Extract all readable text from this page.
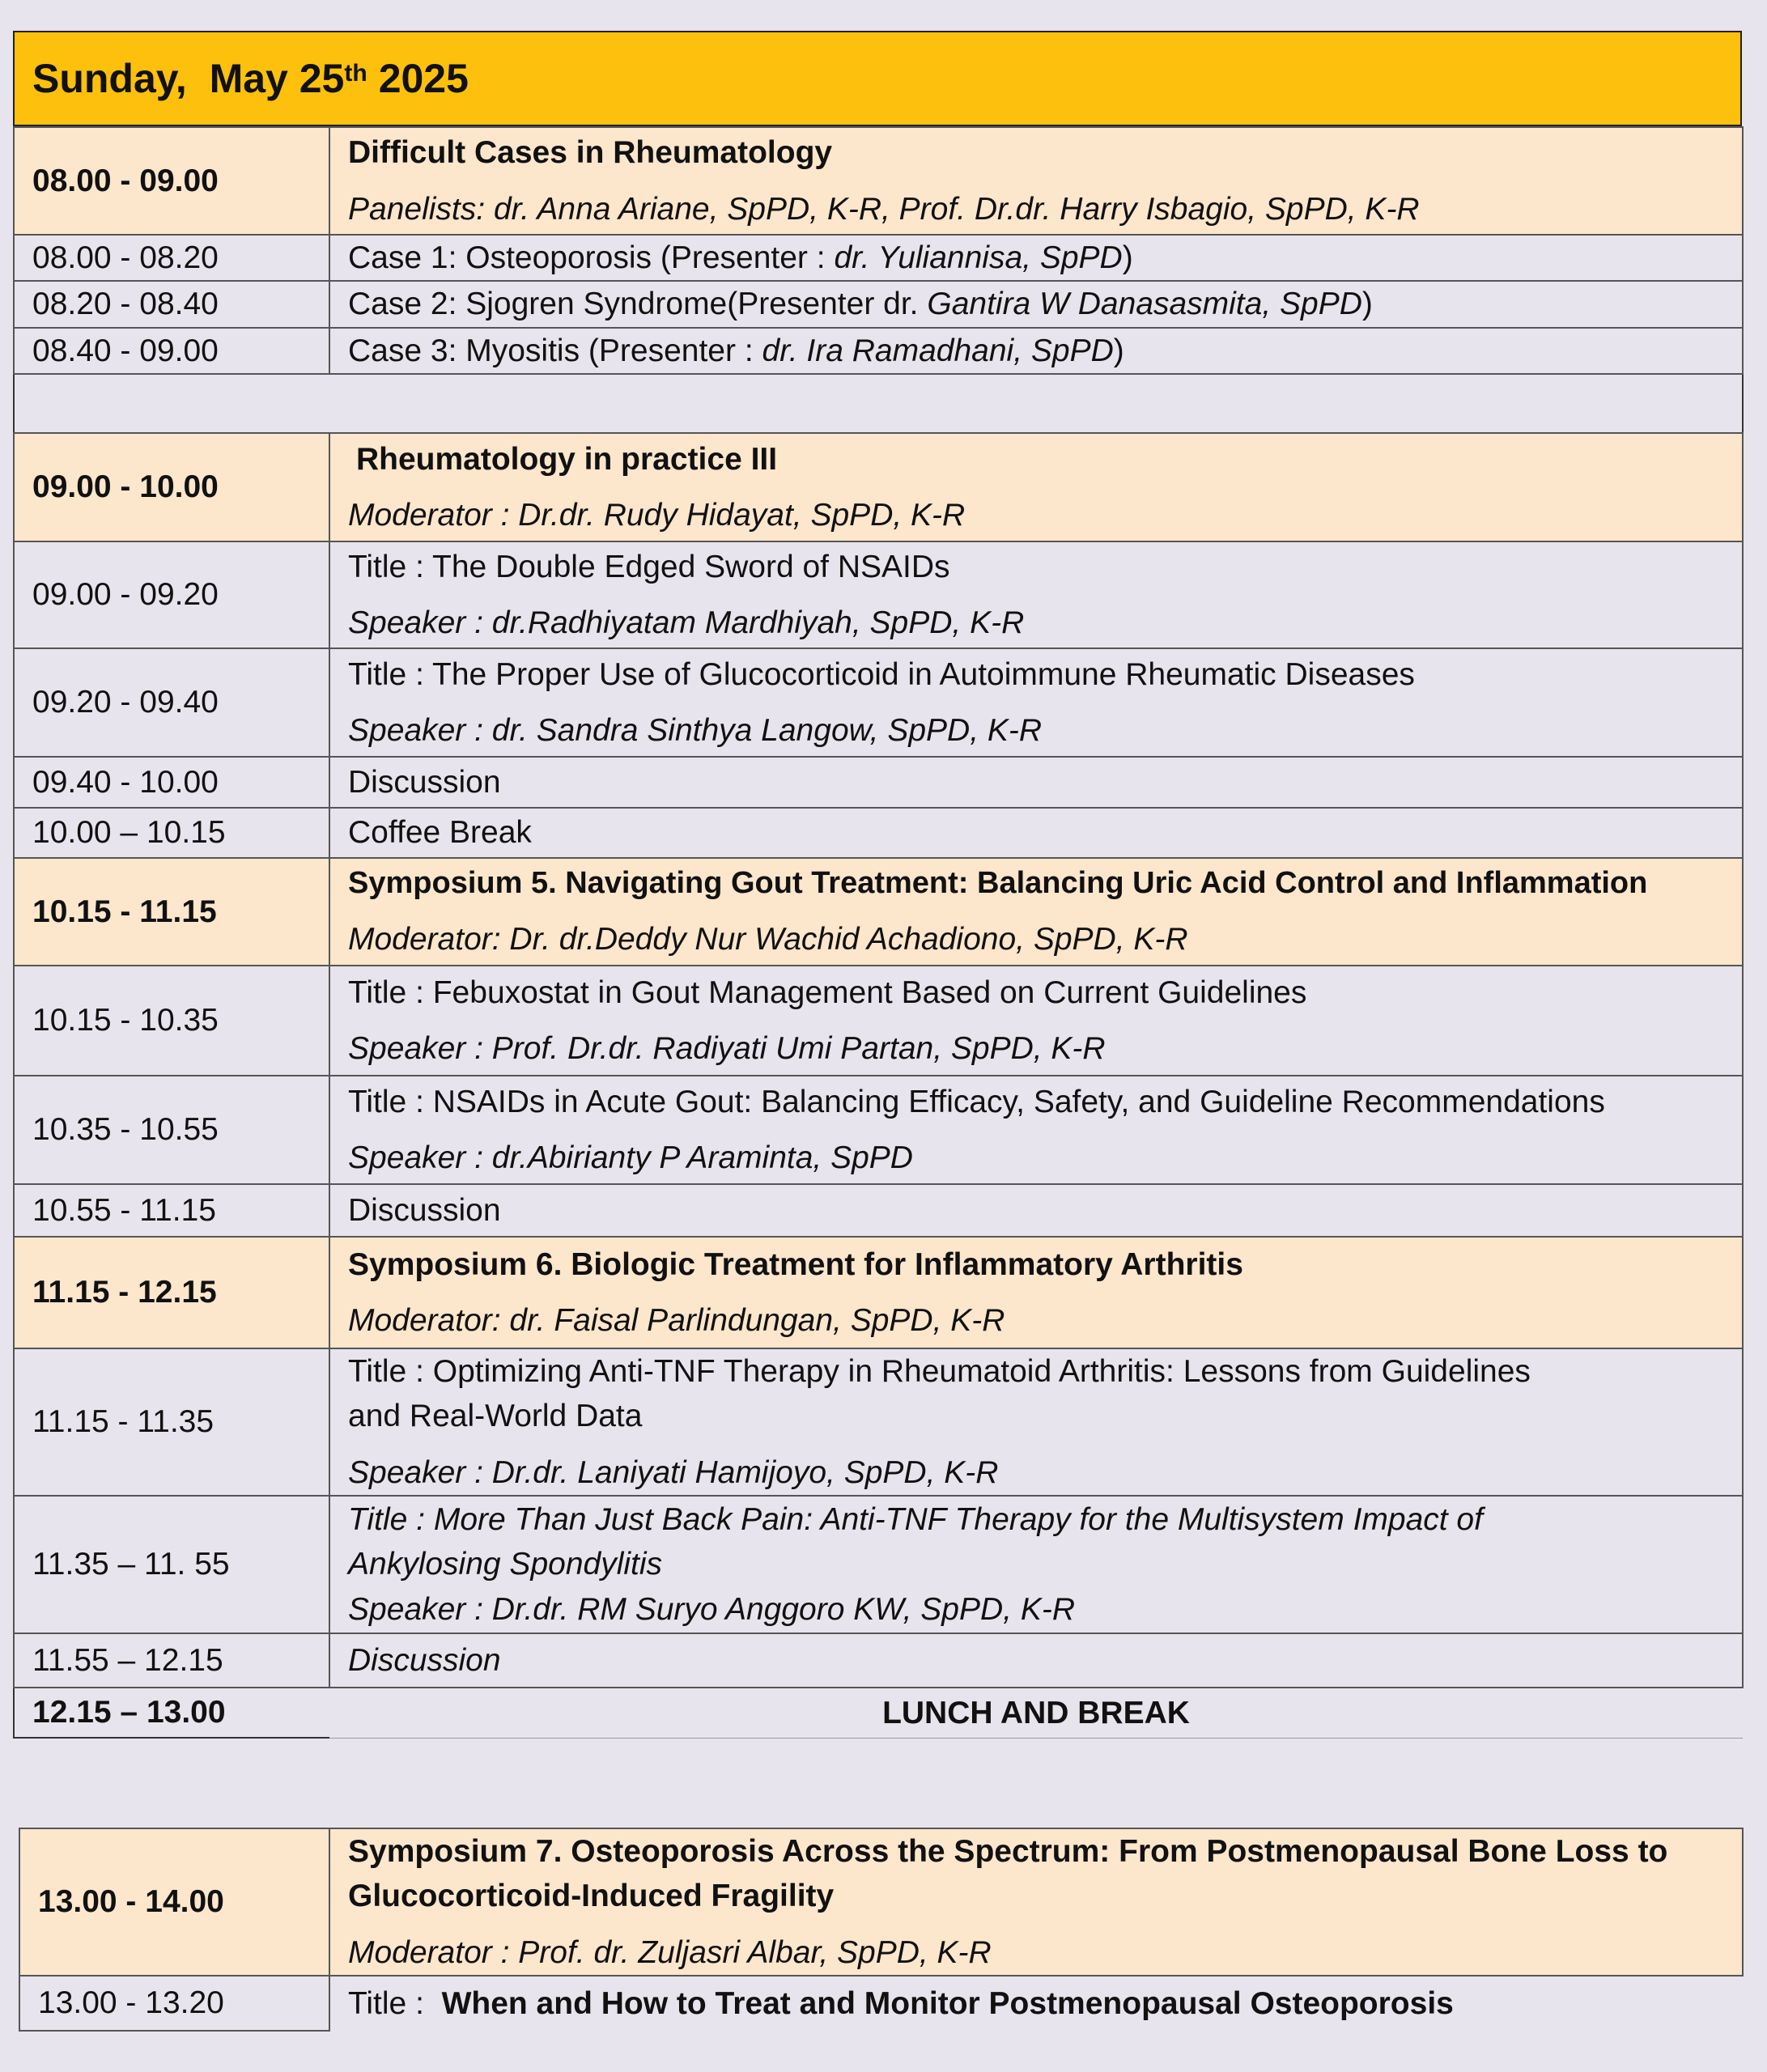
Sunday,
May 25th 2025
08.00 - 09.00	Difficult Cases in Rheumatology
Panelists: dr. Anna Ariane, SpPD, K-R, Prof. Dr.dr. Harry Isbagio, SpPD, K-R

08.00 - 08.20	Case 1: Osteoporosis (Presenter : dr. Yuliannisa, SpPD)
08.20 - 08.40	Case 2: Sjogren Syndrome(Presenter dr. Gantira W Danasasmita, SpPD)
08.40 - 09.00	Case 3: Myositis (Presenter : dr. Ira Ramadhani, SpPD)

09.00 - 10.00	Rheumatology in practice III
Moderator : Dr.dr. Rudy Hidayat, SpPD, K-R

09.00 - 09.20	Title : The Double Edged Sword of NSAIDs
Speaker : dr.Radhiyatam Mardhiyah, SpPD, K-R

09.20 - 09.40	Title : The Proper Use of Glucocorticoid in Autoimmune Rheumatic Diseases
Speaker : dr. Sandra Sinthya Langow, SpPD, K-R

09.40 - 10.00	Discussion
10.00 – 10.15	Coffee Break
10.15 - 11.15	Symposium 5. Navigating Gout Treatment: Balancing Uric Acid Control and Inflammation
Moderator: Dr. dr.Deddy Nur Wachid Achadiono, SpPD, K-R

10.15 - 10.35	Title : Febuxostat in Gout Management Based on Current Guidelines
Speaker : Prof. Dr.dr. Radiyati Umi Partan, SpPD, K-R

10.35 - 10.55	Title : NSAIDs in Acute Gout: Balancing Efficacy, Safety, and Guideline Recommendations
Speaker : dr.Abirianty P Araminta, SpPD

10.55 - 11.15	Discussion
11.15 - 12.15	Symposium 6. Biologic Treatment for Inflammatory Arthritis
Moderator: dr. Faisal Parlindungan, SpPD, K-R

11.15 - 11.35	Title : Optimizing Anti-TNF Therapy in Rheumatoid Arthritis: Lessons from Guidelines
and Real-World Data
Speaker : Dr.dr. Laniyati Hamijoyo, SpPD, K-R

11.35 – 11. 55	Title : More Than Just Back Pain: Anti-TNF Therapy for the Multisystem Impact of
Ankylosing Spondylitis
Speaker : Dr.dr. RM Suryo Anggoro KW, SpPD, K-R

11.55 – 12.15	Discussion
12.15 – 13.00	LUNCH AND BREAK
13.00 - 14.00	Symposium 7. Osteoporosis Across the Spectrum: From Postmenopausal Bone Loss to
Glucocorticoid-Induced Fragility
Moderator : Prof. dr. Zuljasri Albar, SpPD, K-R

13.00 - 13.20	Title :  When and How to Treat and Monitor Postmenopausal Osteoporosis
